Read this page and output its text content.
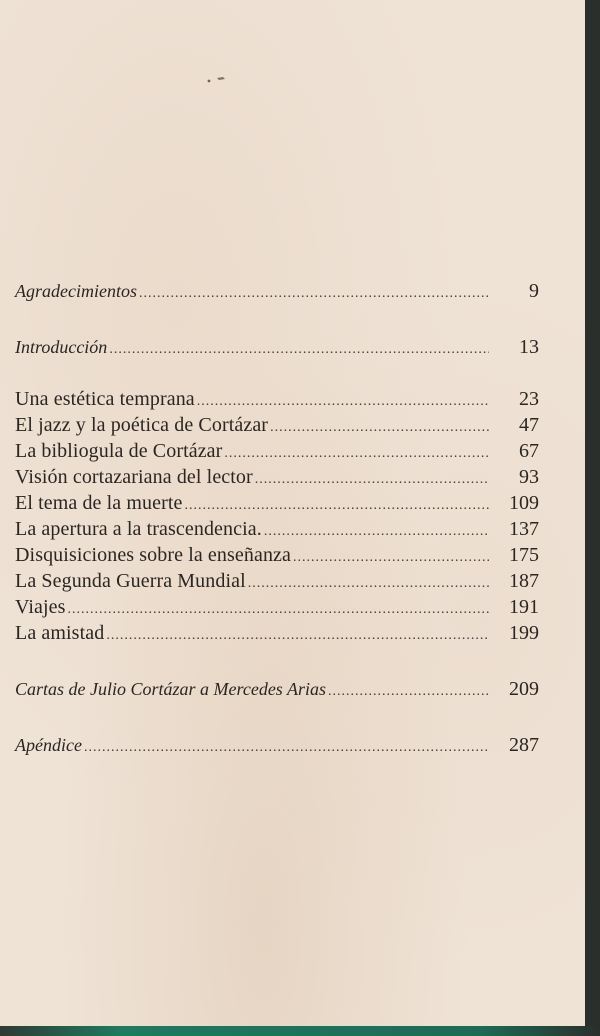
Agradecimientos .....	9
Introducción .....	13
Una estética temprana .....	23
El jazz y la poética de Cortázar .....	47
La bibliogula de Cortázar .....	67
Visión cortazariana del lector .....	93
El tema de la muerte .....	109
La apertura a la trascendencia. .....	137
Disquisiciones sobre la enseñanza .....	175
La Segunda Guerra Mundial .....	187
Viajes .....	191
La amistad .....	199
Cartas de Julio Cortázar a Mercedes Arias .....	209
Apéndice .....	287
